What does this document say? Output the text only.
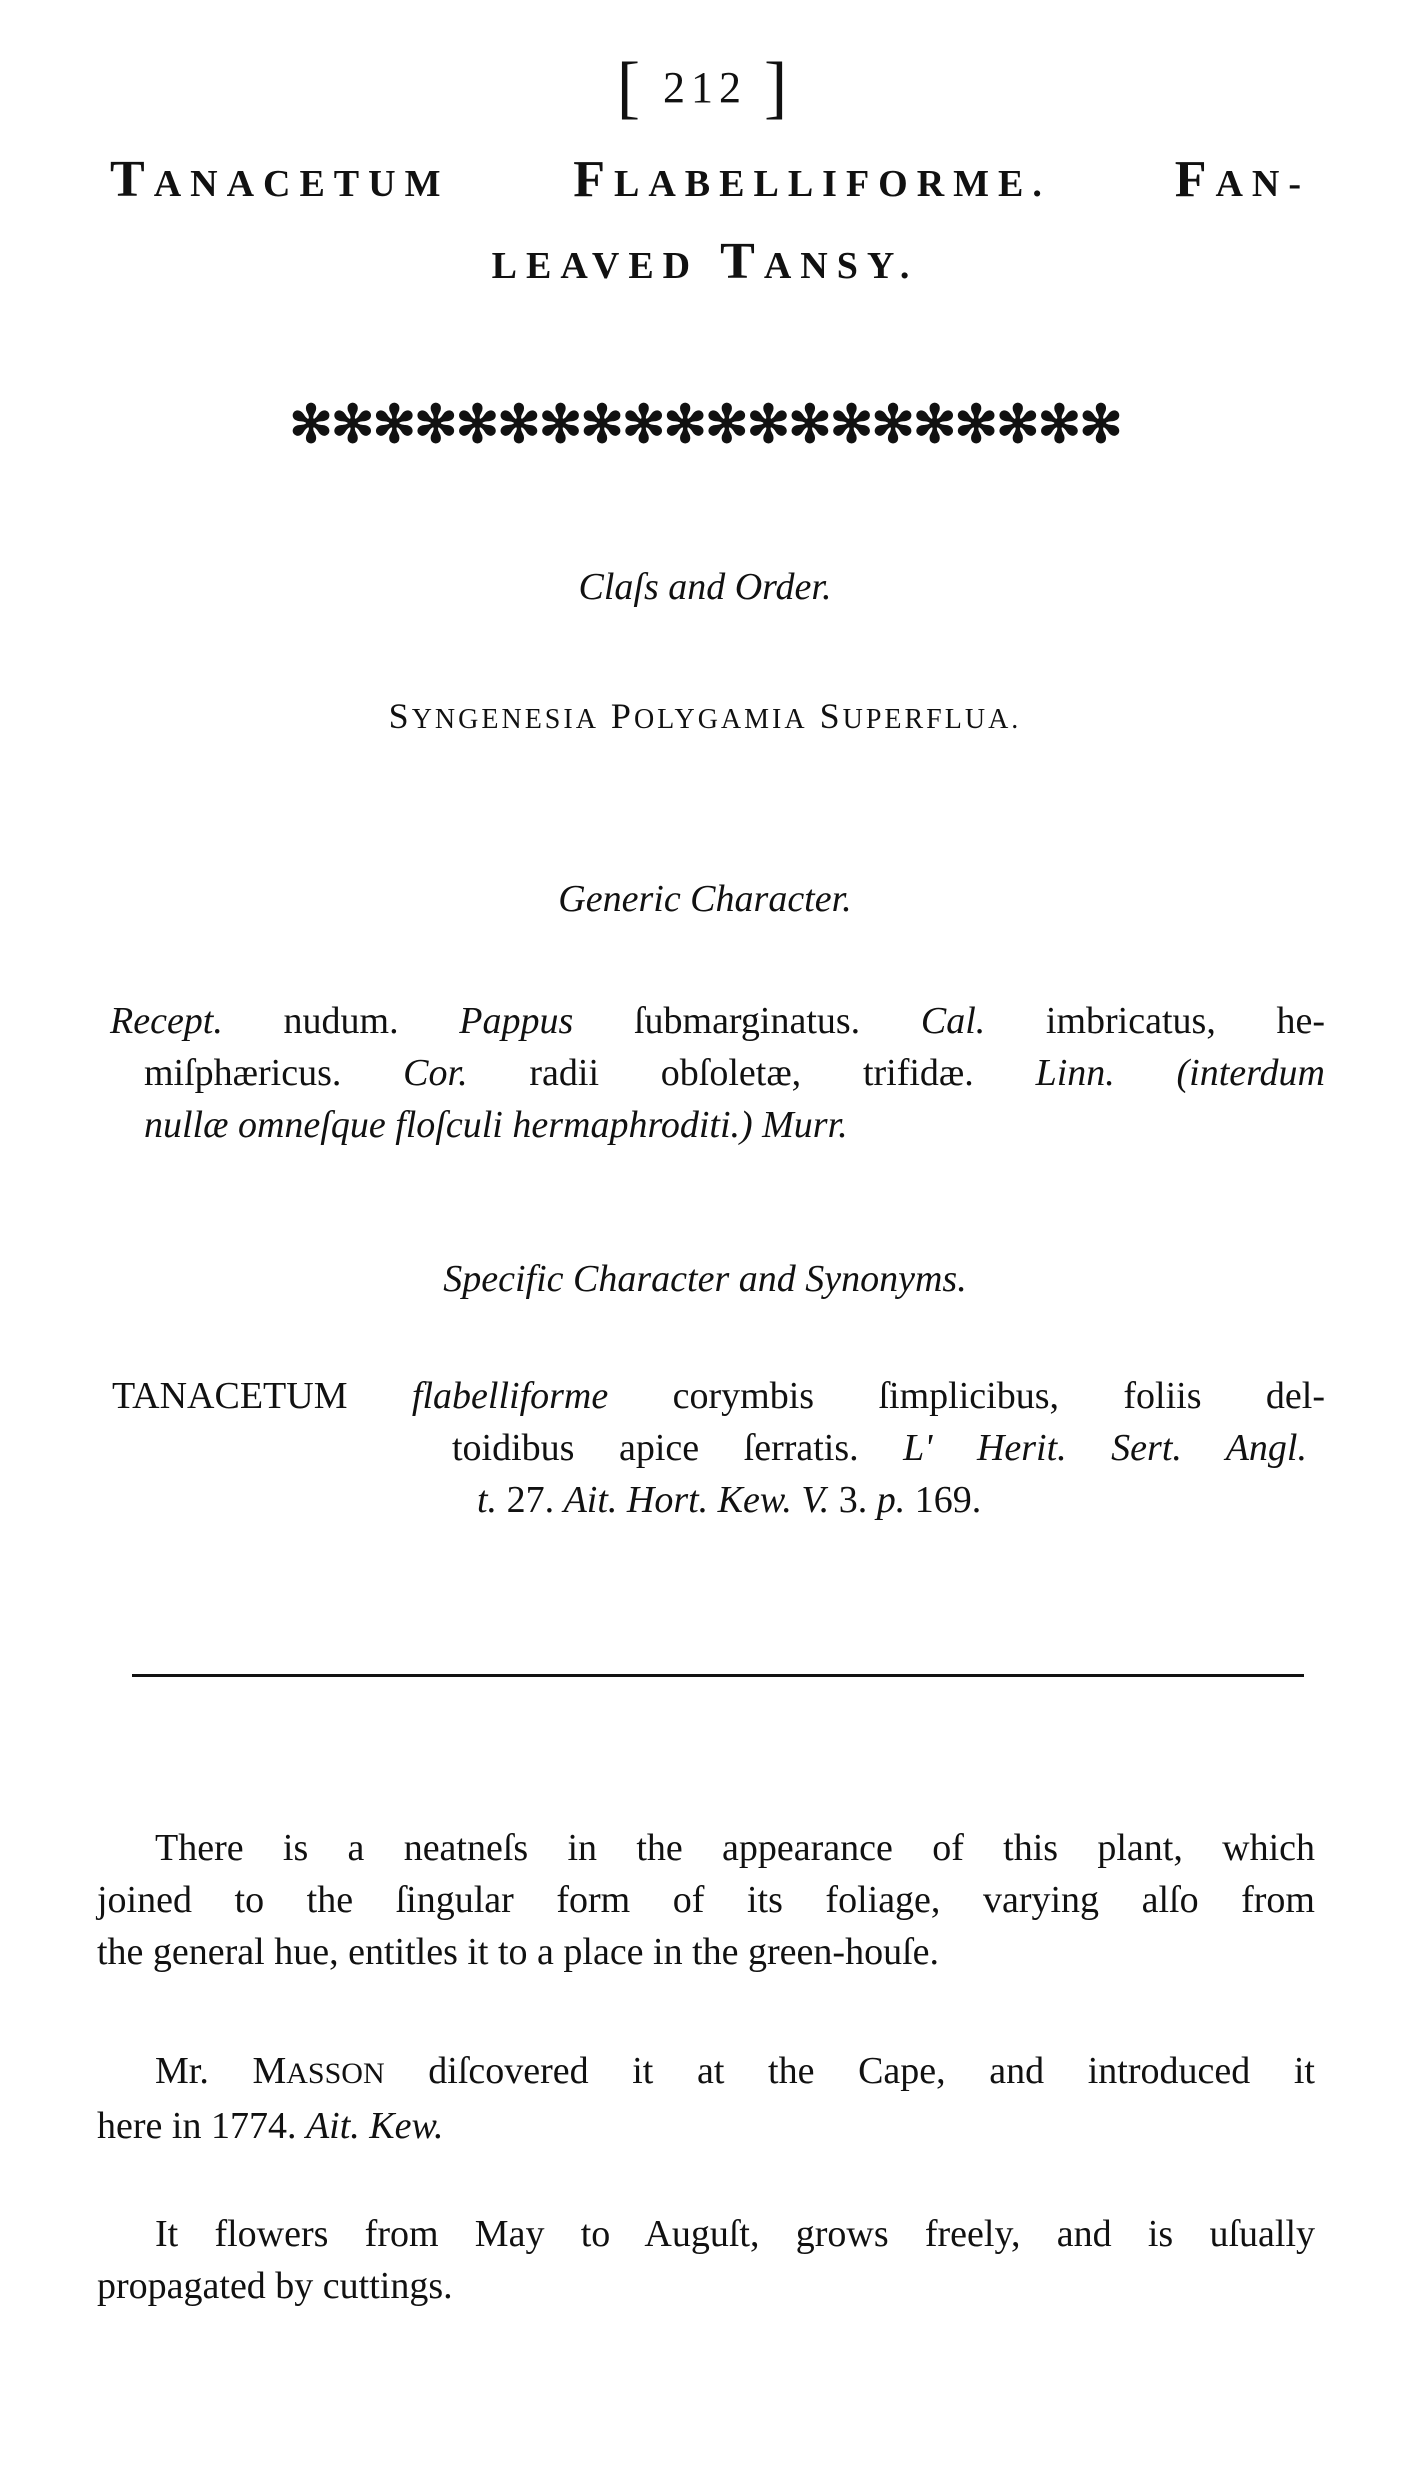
[ 212 ]
TANACETUM FLABELLIFORME. FAN-
LEAVED TANSY.
✻✻✻✻✻✻✻✻✻✻✻✻✻✻✻✻✻✻✻✻
Claſs and Order.
SYNGENESIA POLYGAMIA SUPERFLUA.
Generic Character.
Recept. nudum. Pappus ſubmarginatus. Cal. imbricatus, he-
miſphæricus. Cor. radii obſoletæ, trifidæ. Linn. (interdum
nullæ omneſque floſculi hermaphroditi.) Murr.
Specific Character and Synonyms.
TANACETUM flabelliforme corymbis ſimplicibus, foliis del-
toidibus apice ſerratis. L' Herit. Sert. Angl.
t. 27. Ait. Hort. Kew. V. 3. p. 169.
There is a neatneſs in the appearance of this plant, which
joined to the ſingular form of its foliage, varying alſo from
the general hue, entitles it to a place in the green-houſe.
Mr. MASSON diſcovered it at the Cape, and introduced it
here in 1774. Ait. Kew.
It flowers from May to Auguſt, grows freely, and is uſually
propagated by cuttings.
